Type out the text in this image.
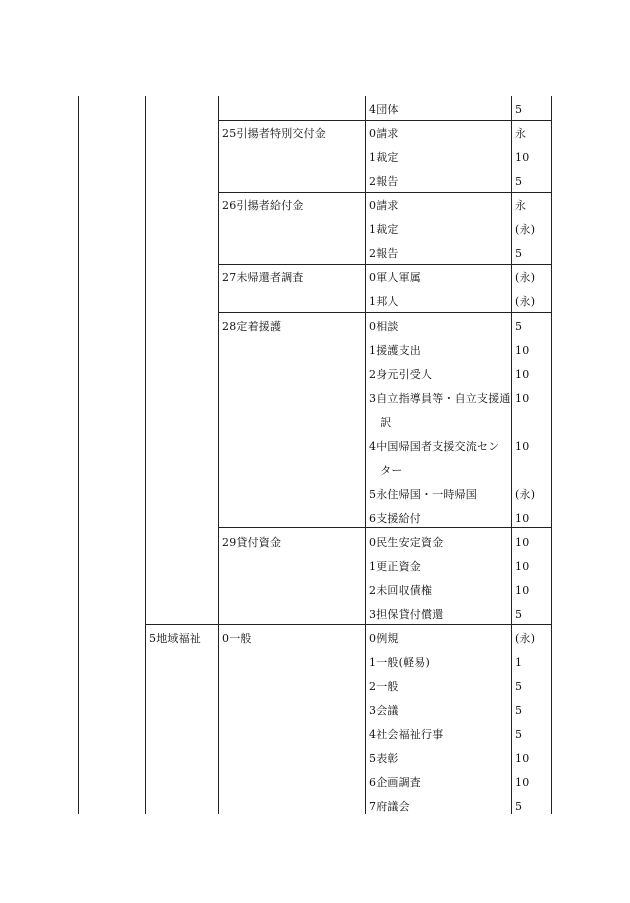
4団体	5
25引揚者特別交付金	0請求	永
1裁定	10
2報告	5
26引揚者給付金	0請求	永
1裁定	(永)
2報告	5
27未帰還者調査	0軍人軍属	(永)
1邦人	(永)
28定着援護	0相談	5
1援護支出	10
2身元引受人	10
3自立指導員等・自立支援通 10
　訳
4中国帰国者支援交流セン 10
　ター
5永住帰国・一時帰国	(永)
6支援給付	10
29貸付資金	0民生安定資金	10
1更正資金	10
2未回収債権	10
3担保貸付償還	5
5地域福祉 0一般	0例規	(永)
1一般(軽易)	1
2一般	5
3会議	5
4社会福祉行事	5
5表彰	10
6企画調査	10
7府議会	5
